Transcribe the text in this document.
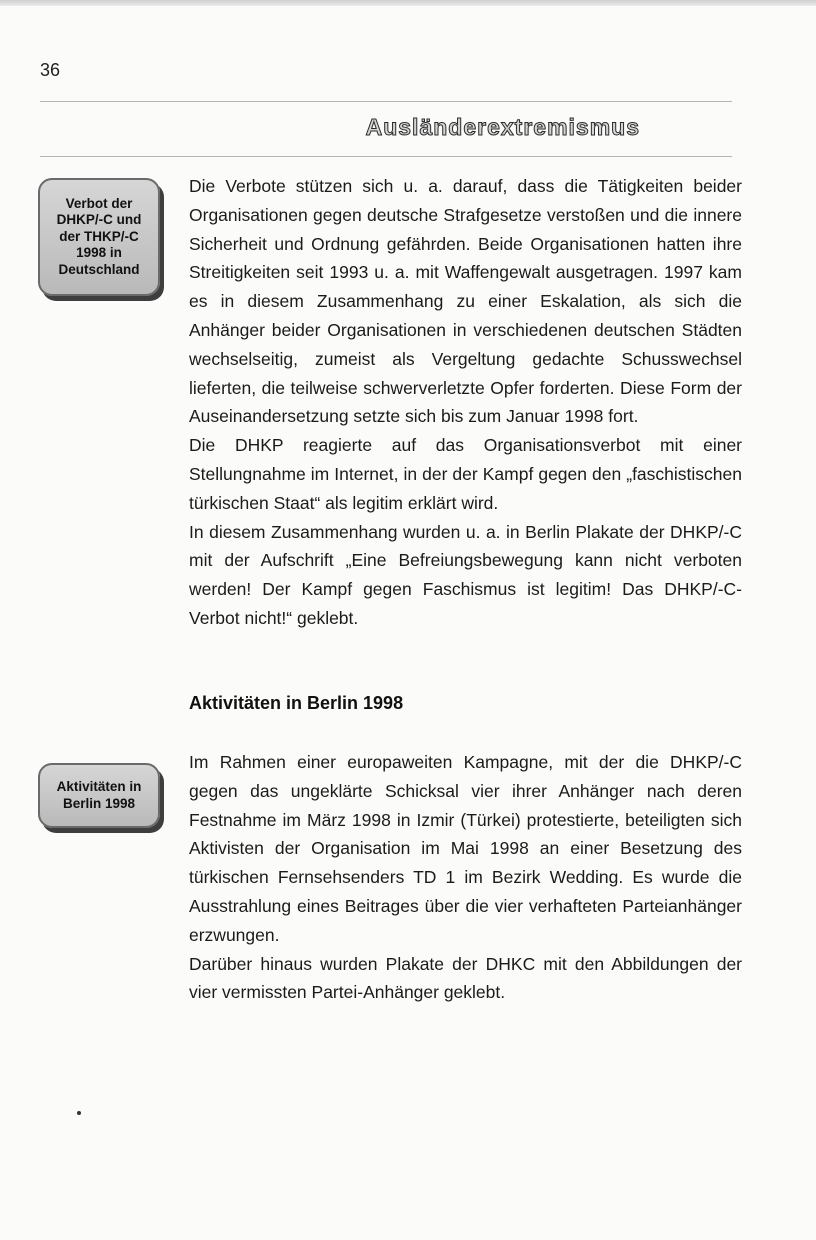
36
Ausländerextremismus
Verbot der
DHKP/-C und
der THKP/-C
1998 in
Deutschland

Die Verbote stützen sich u. a. darauf, dass die Tätigkeiten beider Organisationen gegen deutsche Strafgesetze verstoßen und die innere Sicherheit und Ordnung gefährden. Beide Organisationen hatten ihre Streitigkeiten seit 1993 u. a. mit Waffengewalt ausgetragen. 1997 kam es in diesem Zusammenhang zu einer Eskalation, als sich die Anhänger beider Organisationen in verschiedenen deutschen Städten wechselseitig, zumeist als Vergeltung gedachte Schusswechsel lieferten, die teilweise schwerverletzte Opfer forderten. Diese Form der Auseinandersetzung setzte sich bis zum Januar 1998 fort.

Die DHKP reagierte auf das Organisationsverbot mit einer Stellungnahme im Internet, in der der Kampf gegen den „faschistischen türkischen Staat“ als legitim erklärt wird.

In diesem Zusammenhang wurden u. a. in Berlin Plakate der DHKP/-C mit der Aufschrift „Eine Befreiungsbewegung kann nicht verboten werden! Der Kampf gegen Faschismus ist legitim! Das DHKP/-C-Verbot nicht!“ geklebt.

Aktivitäten in Berlin 1998
Aktivitäten in
Berlin 1998

Im Rahmen einer europaweiten Kampagne, mit der die DHKP/-C gegen das ungeklärte Schicksal vier ihrer Anhänger nach deren Festnahme im März 1998 in Izmir (Türkei) protestierte, beteiligten sich Aktivisten der Organisation im Mai 1998 an einer Besetzung des türkischen Fernsehsenders TD 1 im Bezirk Wedding. Es wurde die Ausstrahlung eines Beitrages über die vier verhafteten Parteianhänger erzwungen.

Darüber hinaus wurden Plakate der DHKC mit den Abbildungen der vier vermissten Partei-Anhänger geklebt.
